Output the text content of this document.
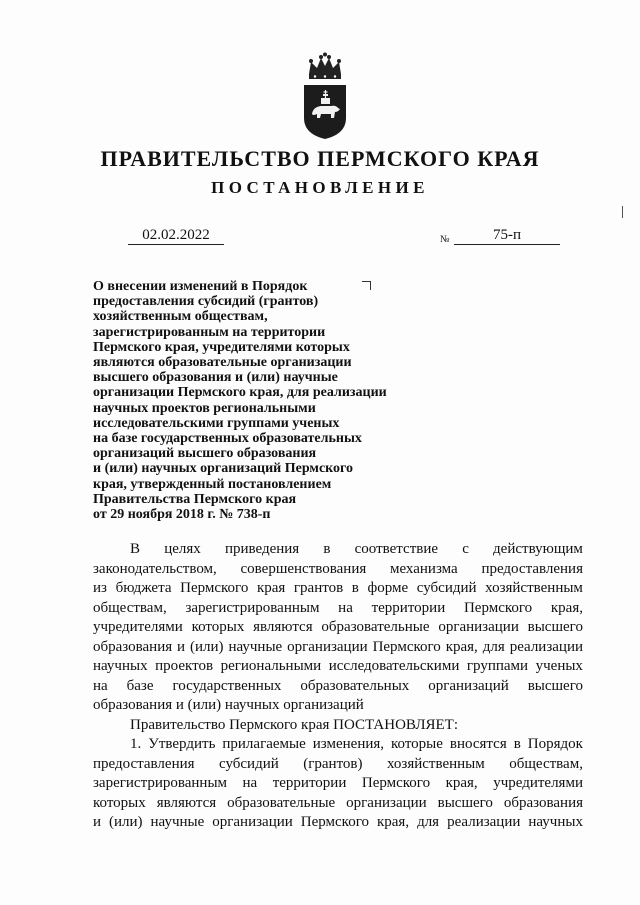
ПРАВИТЕЛЬСТВО ПЕРМСКОГО КРАЯ
ПОСТАНОВЛЕНИЕ
02.02.2022	№	75-п
О внесении изменений в Порядок
предоставления субсидий (грантов)
хозяйственным обществам,
зарегистрированным на территории
Пермского края, учредителями которых
являются образовательные организации
высшего образования и (или) научные
организации Пермского края, для реализации
научных проектов региональными
исследовательскими группами ученых
на базе государственных образовательных
организаций высшего образования
и (или) научных организаций Пермского
края, утвержденный постановлением
Правительства Пермского края
от 29 ноября 2018 г. № 738-п
В целях приведения в соответствие с действующим
законодательством, совершенствования механизма предоставления
из бюджета Пермского края грантов в форме субсидий хозяйственным
обществам, зарегистрированным на территории Пермского края,
учредителями которых являются образовательные организации высшего
образования и (или) научные организации Пермского края, для реализации
научных проектов региональными исследовательскими группами ученых
на базе государственных образовательных организаций высшего
образования и (или) научных организаций
Правительство Пермского края ПОСТАНОВЛЯЕТ:
1. Утвердить прилагаемые изменения, которые вносятся в Порядок
предоставления субсидий (грантов) хозяйственным обществам,
зарегистрированным на территории Пермского края, учредителями
которых являются образовательные организации высшего образования
и (или) научные организации Пермского края, для реализации научных
